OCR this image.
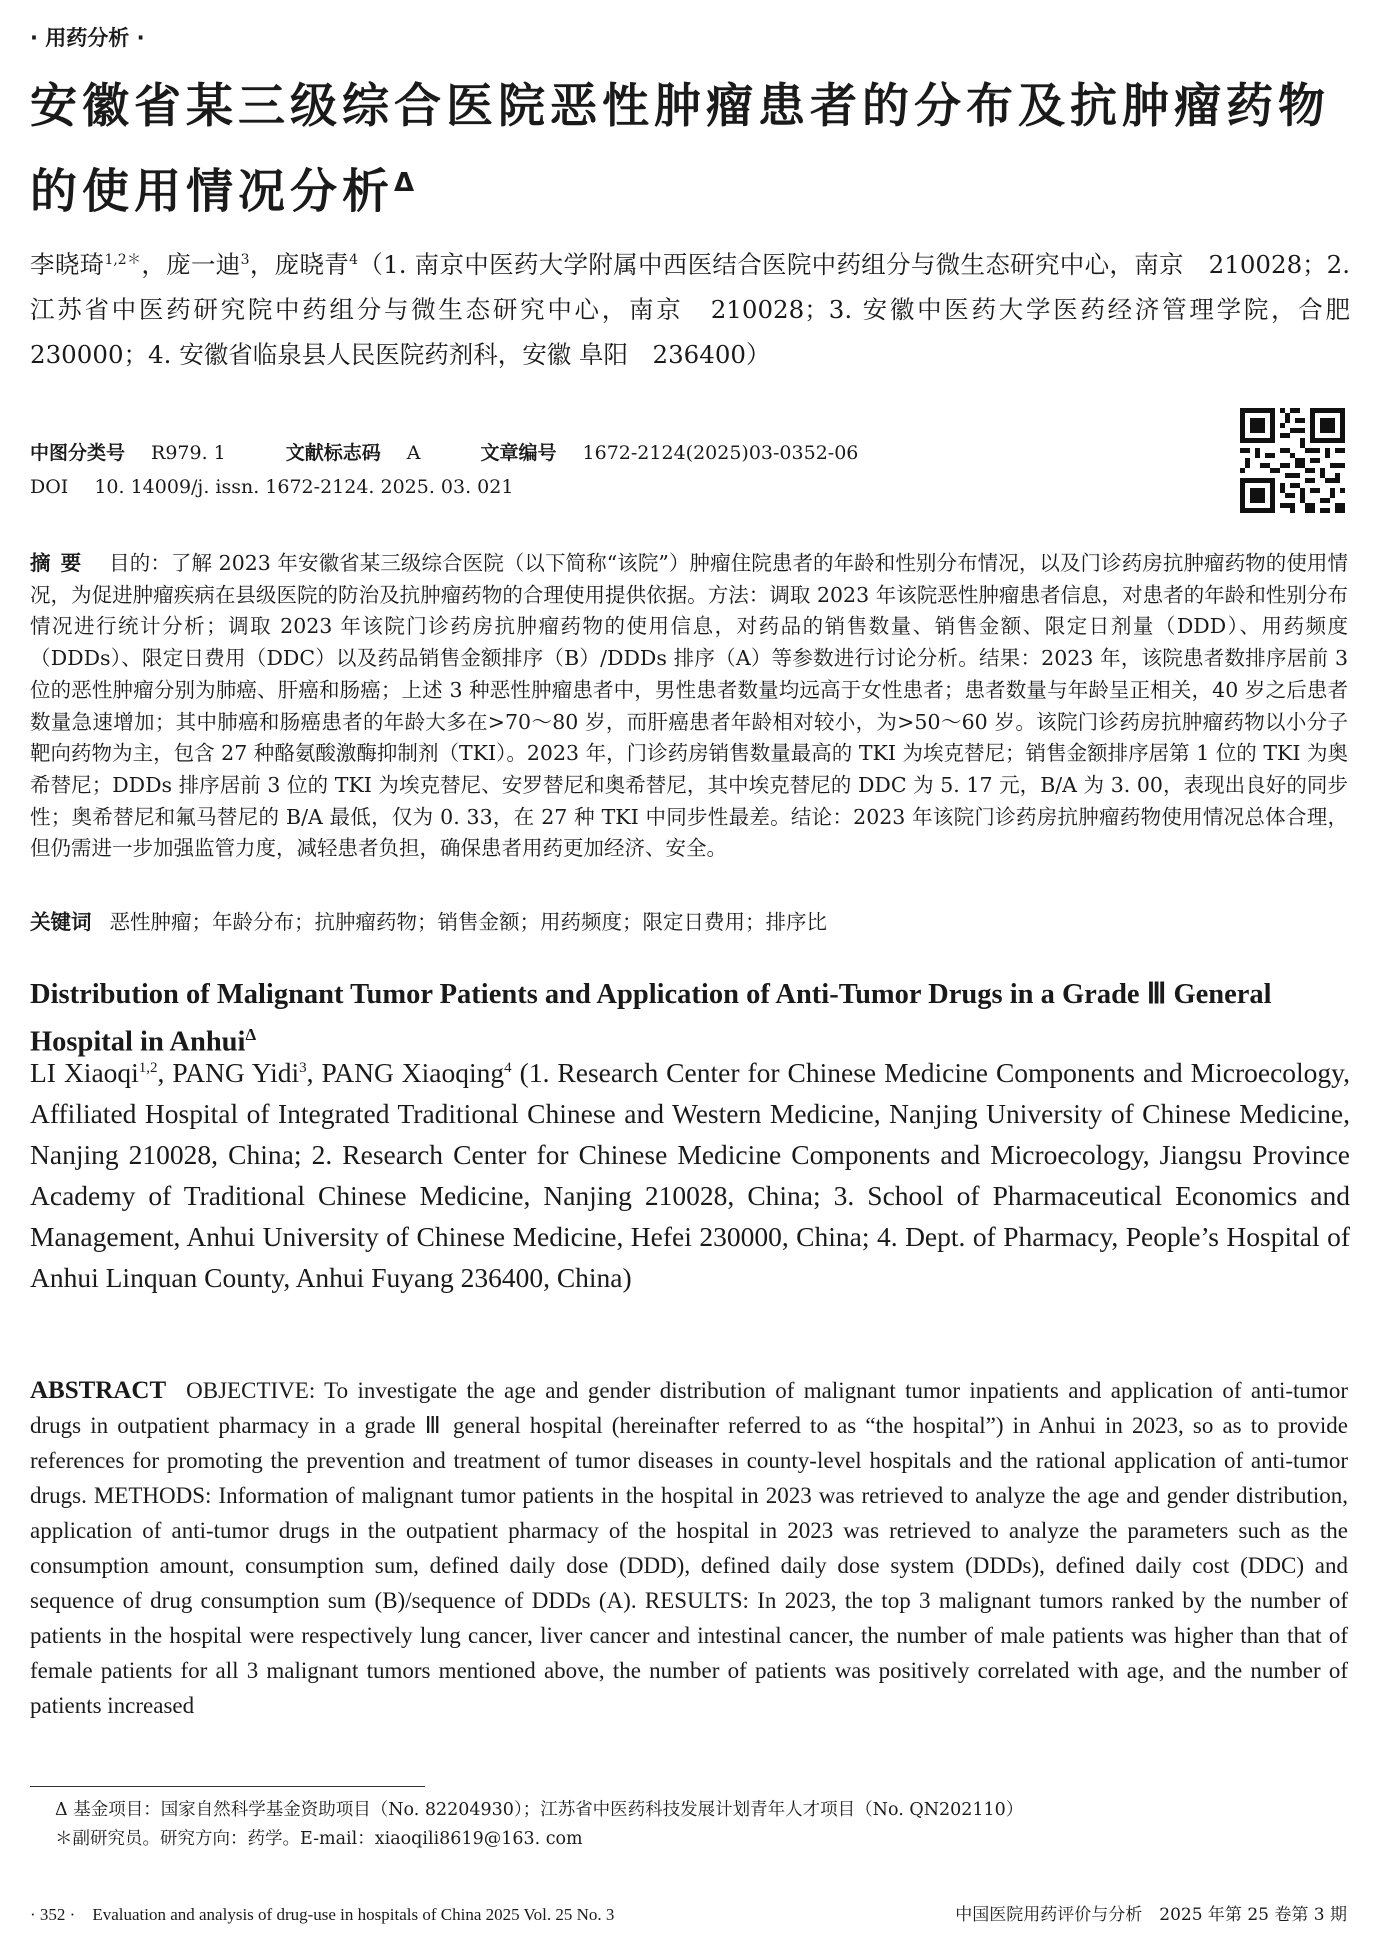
· 用药分析 ·
安徽省某三级综合医院恶性肿瘤患者的分布及抗肿瘤药物的使用情况分析$^\Delta$
李晓琦$^{1,2*}$，庞一迪$^3$，庞晓青$^4$（1. 南京中医药大学附属中西医结合医院中药组分与微生态研究中心，南京　210028；2. 江苏省中医药研究院中药组分与微生态研究中心，南京　210028；3. 安徽中医药大学医药经济管理学院，合肥　230000；4. 安徽省临泉县人民医院药剂科，安徽 阜阳　236400）
中图分类号 R979. 1	文献标志码 A	文章编号 1672-2124(2025)03-0352-06
DOI 10. 14009/j. issn. 1672-2124. 2025. 03. 021
摘要 目的：了解 2023 年安徽省某三级综合医院（以下简称“该院”）肿瘤住院患者的年龄和性别分布情况，以及门诊药房抗肿瘤药物的使用情况，为促进肿瘤疾病在县级医院的防治及抗肿瘤药物的合理使用提供依据。方法：调取 2023 年该院恶性肿瘤患者信息，对患者的年龄和性别分布情况进行统计分析；调取 2023 年该院门诊药房抗肿瘤药物的使用信息，对药品的销售数量、销售金额、限定日剂量（DDD）、用药频度（DDDs）、限定日费用（DDC）以及药品销售金额排序（B）/DDDs 排序（A）等参数进行讨论分析。结果：2023 年，该院患者数排序居前 3 位的恶性肿瘤分别为肺癌、肝癌和肠癌；上述 3 种恶性肿瘤患者中，男性患者数量均远高于女性患者；患者数量与年龄呈正相关，40 岁之后患者数量急速增加；其中肺癌和肠癌患者的年龄大多在>70～80 岁，而肝癌患者年龄相对较小，为>50～60 岁。该院门诊药房抗肿瘤药物以小分子靶向药物为主，包含 27 种酪氨酸激酶抑制剂（TKI）。2023 年，门诊药房销售数量最高的 TKI 为埃克替尼；销售金额排序居第 1 位的 TKI 为奥希替尼；DDDs 排序居前 3 位的 TKI 为埃克替尼、安罗替尼和奥希替尼，其中埃克替尼的 DDC 为 5. 17 元，B/A 为 3. 00，表现出良好的同步性；奥希替尼和氟马替尼的 B/A 最低，仅为 0. 33，在 27 种 TKI 中同步性最差。结论：2023 年该院门诊药房抗肿瘤药物使用情况总体合理，但仍需进一步加强监管力度，减轻患者负担，确保患者用药更加经济、安全。
关键词 恶性肿瘤；年龄分布；抗肿瘤药物；销售金额；用药频度；限定日费用；排序比
Distribution of Malignant Tumor Patients and Application of Anti-Tumor Drugs in a Grade Ⅲ General Hospital in Anhui$^\Delta$
LI Xiaoqi$^{1,2}$, PANG Yidi$^3$, PANG Xiaoqing$^4$ (1. Research Center for Chinese Medicine Components and Microecology, Affiliated Hospital of Integrated Traditional Chinese and Western Medicine, Nanjing University of Chinese Medicine, Nanjing 210028, China; 2. Research Center for Chinese Medicine Components and Microecology, Jiangsu Province Academy of Traditional Chinese Medicine, Nanjing 210028, China; 3. School of Pharmaceutical Economics and Management, Anhui University of Chinese Medicine, Hefei 230000, China; 4. Dept. of Pharmacy, People’s Hospital of Anhui Linquan County, Anhui Fuyang 236400, China)
ABSTRACT OBJECTIVE: To investigate the age and gender distribution of malignant tumor inpatients and application of anti-tumor drugs in outpatient pharmacy in a grade Ⅲ general hospital (hereinafter referred to as “the hospital”) in Anhui in 2023, so as to provide references for promoting the prevention and treatment of tumor diseases in county-level hospitals and the rational application of anti-tumor drugs. METHODS: Information of malignant tumor patients in the hospital in 2023 was retrieved to analyze the age and gender distribution, application of anti-tumor drugs in the outpatient pharmacy of the hospital in 2023 was retrieved to analyze the parameters such as the consumption amount, consumption sum, defined daily dose (DDD), defined daily dose system (DDDs), defined daily cost (DDC) and sequence of drug consumption sum (B)/sequence of DDDs (A). RESULTS: In 2023, the top 3 malignant tumors ranked by the number of patients in the hospital were respectively lung cancer, liver cancer and intestinal cancer, the number of male patients was higher than that of female patients for all 3 malignant tumors mentioned above, the number of patients was positively correlated with age, and the number of patients increased
Δ 基金项目：国家自然科学基金资助项目（No. 82204930）；江苏省中医药科技发展计划青年人才项目（No. QN202110）
＊副研究员。研究方向：药学。E-mail：xiaoqili8619@163. com
· 352 ·　Evaluation and analysis of drug-use in hospitals of China 2025 Vol. 25 No. 3	中国医院用药评价与分析　2025 年第 25 卷第 3 期
